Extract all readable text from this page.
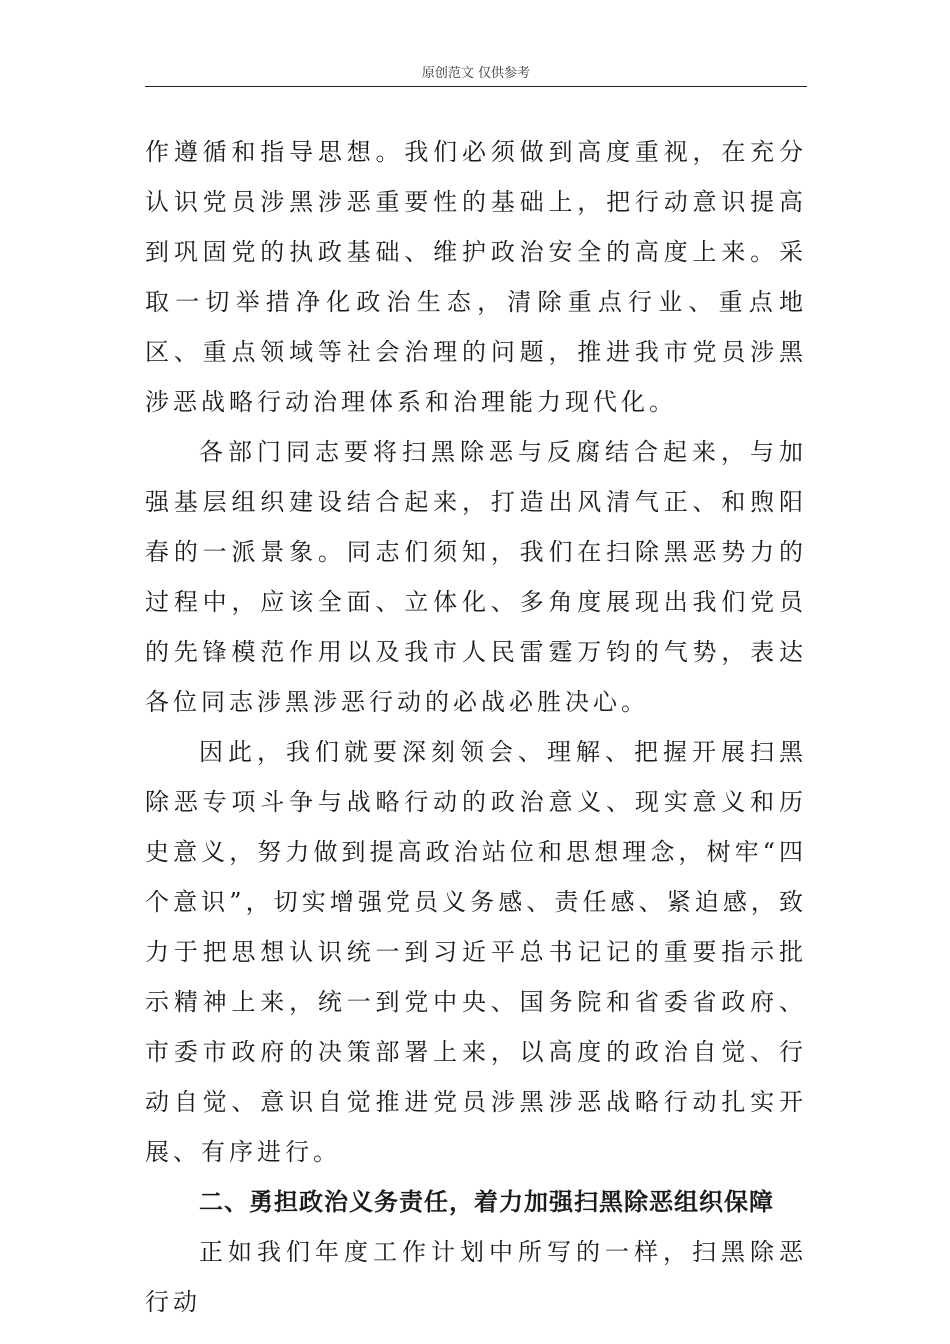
原创范文 仅供参考

作遵循和指导思想。我们必须做到高度重视，在充分认识党员涉黑涉恶重要性的基础上，把行动意识提高到巩固党的执政基础、维护政治安全的高度上来。采取一切举措净化政治生态，清除重点行业、重点地区、重点领域等社会治理的问题，推进我市党员涉黑涉恶战略行动治理体系和治理能力现代化。

各部门同志要将扫黑除恶与反腐结合起来，与加强基层组织建设结合起来，打造出风清气正、和煦阳春的一派景象。同志们须知，我们在扫除黑恶势力的过程中，应该全面、立体化、多角度展现出我们党员的先锋模范作用以及我市人民雷霆万钧的气势，表达各位同志涉黑涉恶行动的必战必胜决心。

因此，我们就要深刻领会、理解、把握开展扫黑除恶专项斗争与战略行动的政治意义、现实意义和历史意义，努力做到提高政治站位和思想理念，树牢“四个意识”，切实增强党员义务感、责任感、紧迫感，致力于把思想认识统一到习近平总书记记的重要指示批示精神上来，统一到党中央、国务院和省委省政府、市委市政府的决策部署上来，以高度的政治自觉、行动自觉、意识自觉推进党员涉黑涉恶战略行动扎实开展、有序进行。

二、勇担政治义务责任，着力加强扫黑除恶组织保障

正如我们年度工作计划中所写的一样，扫黑除恶行动
